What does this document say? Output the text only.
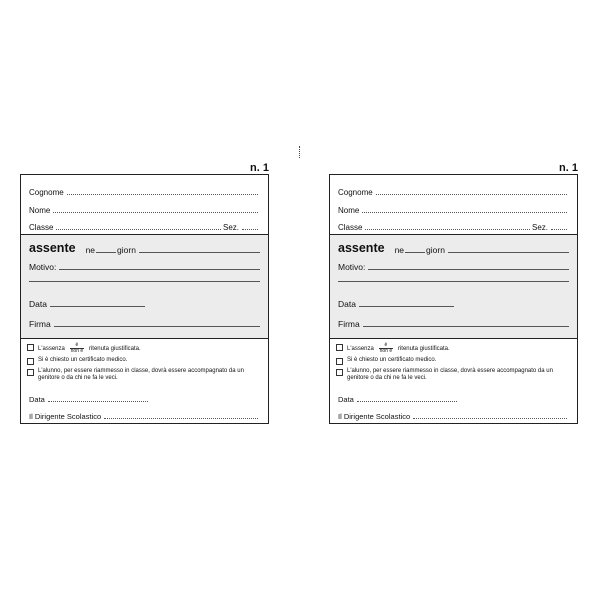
n. 1
Cognome
Nome
Classe	Sez.
assente ne	giorn
Motivo:
Data
Firma
L'assenza $\frac{è}{\text{non è}}$ ritenuta giustificata.
Si è chiesto un certificato medico.
L'alunno, per essere riammesso in classe, dovrà essere accompagnato da un genitore o da chi ne fa le veci.
Data
Il Dirigente Scolastico
n. 1
Cognome
Nome
Classe	Sez.
assente ne	giorn
Motivo:
Data
Firma
L'assenza $\frac{è}{\text{non è}}$ ritenuta giustificata.
Si è chiesto un certificato medico.
L'alunno, per essere riammesso in classe, dovrà essere accompagnato da un genitore o da chi ne fa le veci.
Data
Il Dirigente Scolastico
